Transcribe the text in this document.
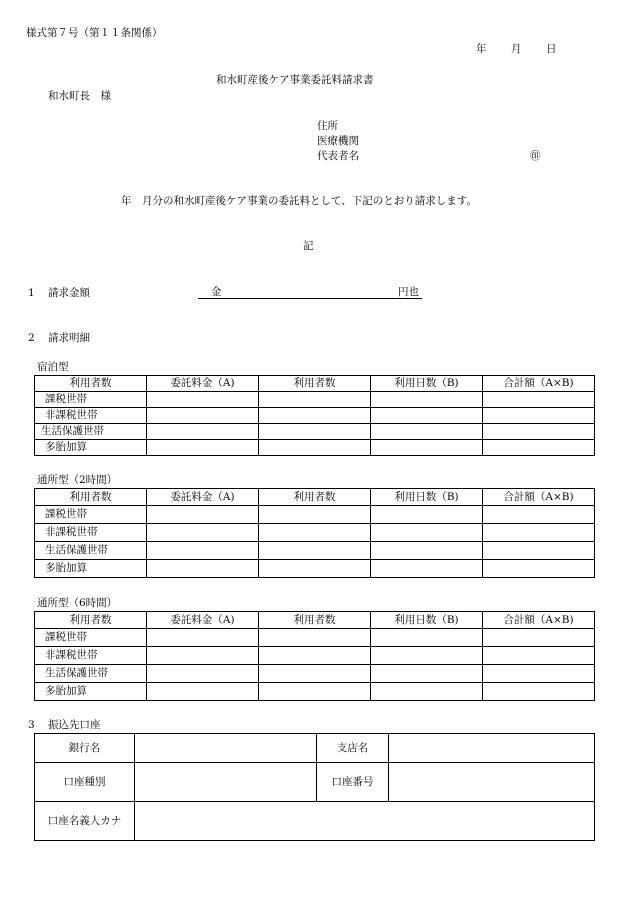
様式第７号（第１１条関係）
年 月 日
和水町産後ケア事業委託料請求書
和水町長　様
住所
医療機関
代表者名	㊞
年　月分の和水町産後ケア事業の委託料として、下記のとおり請求します。
記
1 請求金額	金	円也
2 請求明細
宿泊型
利用者数	委託料金（A)	利用者数	利用日数（B)	合計額（A×B)
課税世帯				
非課税世帯				
生活保護世帯				
多胎加算				
通所型（2時間）
利用者数	委託料金（A)	利用者数	利用日数（B)	合計額（A×B)
課税世帯				
非課税世帯				
生活保護世帯				
多胎加算				
通所型（6時間）
利用者数	委託料金（A)	利用者数	利用日数（B)	合計額（A×B)
課税世帯				
非課税世帯				
生活保護世帯				
多胎加算				
3 振込先口座
銀行名		支店名	
口座種別		口座番号	
口座名義人カナ			
